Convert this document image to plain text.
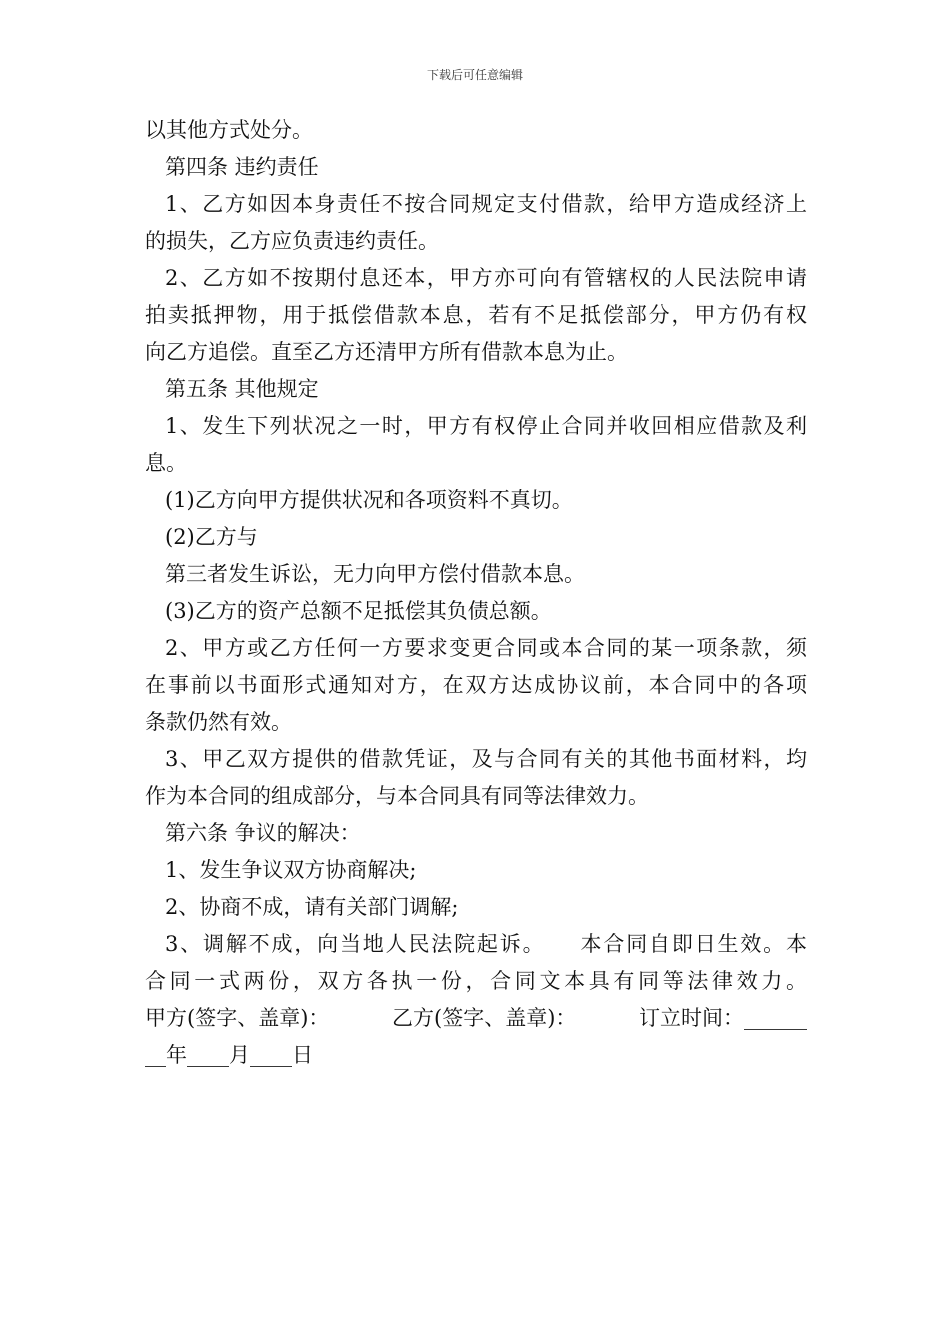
下载后可任意编辑
以其他方式处分。
第四条 违约责任
1、乙方如因本身责任不按合同规定支付借款，给甲方造成经济上
的损失，乙方应负责违约责任。
2、乙方如不按期付息还本，甲方亦可向有管辖权的人民法院申请
拍卖抵押物，用于抵偿借款本息，若有不足抵偿部分，甲方仍有权
向乙方追偿。直至乙方还清甲方所有借款本息为止。
第五条 其他规定
1、发生下列状况之一时，甲方有权停止合同并收回相应借款及利
息。
(1)乙方向甲方提供状况和各项资料不真切。
(2)乙方与
第三者发生诉讼，无力向甲方偿付借款本息。
(3)乙方的资产总额不足抵偿其负债总额。
2、甲方或乙方任何一方要求变更合同或本合同的某一项条款，须
在事前以书面形式通知对方，在双方达成协议前，本合同中的各项
条款仍然有效。
3、甲乙双方提供的借款凭证，及与合同有关的其他书面材料，均
作为本合同的组成部分，与本合同具有同等法律效力。
第六条 争议的解决：
1、发生争议双方协商解决;
2、协商不成，请有关部门调解;
3、调解不成，向当地人民法院起诉。　　本合同自即日生效。本
合同一式两份，双方各执一份，合同文本具有同等法律效力。
甲方(签字、盖章)：	乙方(签字、盖章)：	订立时间：______
__年____月____日
